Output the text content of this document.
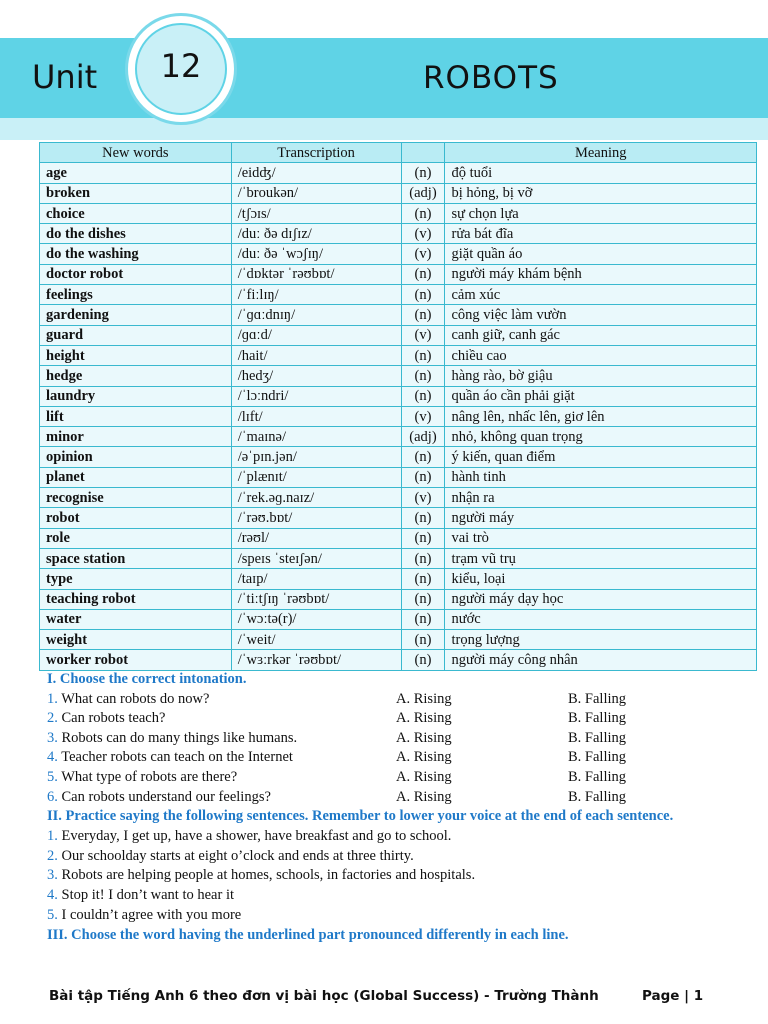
Unit 12	ROBOTS
New words	Transcription		Meaning
age	/eidʤ/	(n)	độ tuổi
broken	/ˈbroukən/	(adj)	bị hỏng, bị vỡ
choice	/tʃɔɪs/	(n)	sự chọn lựa
do the dishes	/duː ðə dɪʃɪz/	(v)	rửa bát đĩa
do the washing	/duː ðə ˈwɔʃɪŋ/	(v)	giặt quần áo
doctor robot	/ˈdɒktər ˈrəʊbɒt/	(n)	người máy khám bệnh
feelings	/ˈfiːlɪŋ/	(n)	cảm xúc
gardening	/ˈɡɑːdnɪŋ/	(n)	công việc làm vườn
guard	/ɡɑːd/	(v)	canh giữ, canh gác
height	/hait/	(n)	chiều cao
hedge	/hedʒ/	(n)	hàng rào, bờ giậu
laundry	/ˈlɔːndri/	(n)	quần áo cần phải giặt
lift	/lɪft/	(v)	nâng lên, nhấc lên, giơ lên
minor	/ˈmaɪnə/	(adj)	nhỏ, không quan trọng
opinion	/əˈpɪn.jən/	(n)	ý kiến, quan điểm
planet	/ˈplænɪt/	(n)	hành tinh
recognise	/ˈrek.əɡ.naɪz/	(v)	nhận ra
robot	/ˈrəʊ.bɒt/	(n)	người máy
role	/rəʊl/	(n)	vai trò
space station	/speɪs ˈsteɪʃən/	(n)	trạm vũ trụ
type	/taɪp/	(n)	kiểu, loại
teaching robot	/ˈtiːtʃɪŋ ˈrəʊbɒt/	(n)	người máy dạy học
water	/ˈwɔːtə(r)/	(n)	nước
weight	/ˈweit/	(n)	trọng lượng
worker robot	/ˈwɜːrkər ˈrəʊbɒt/	(n)	người máy công nhân
I. Choose the correct intonation.
1. What can robots do now?	A. Rising	B. Falling
2. Can robots teach?	A. Rising	B. Falling
3. Robots can do many things like humans.	A. Rising	B. Falling
4. Teacher robots can teach on the Internet	A. Rising	B. Falling
5. What type of robots are there?	A. Rising	B. Falling
6. Can robots understand our feelings?	A. Rising	B. Falling
II. Practice saying the following sentences. Remember to lower your voice at the end of each sentence.
1. Everyday, I get up, have a shower, have breakfast and go to school.
2. Our schoolday starts at eight o’clock and ends at three thirty.
3. Robots are helping people at homes, schools, in factories and hospitals.
4. Stop it! I don’t want to hear it
5. I couldn’t agree with you more
III. Choose the word having the underlined part pronounced differently in each line.
Bài tập Tiếng Anh 6 theo đơn vị bài học (Global Success) - Trường Thành	Page | 1
